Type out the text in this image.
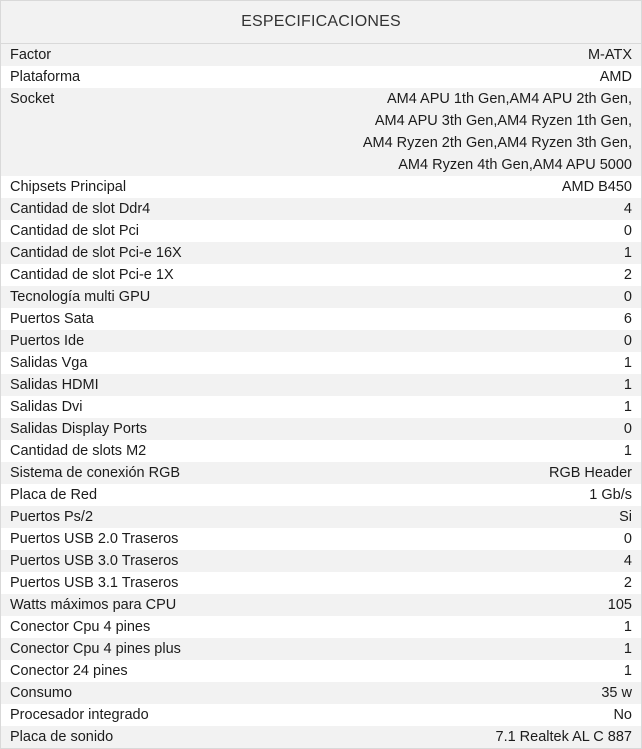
ESPECIFICACIONES
Factor	M-ATX
Plataforma	AMD
Socket	AM4 APU 1th Gen,AM4 APU 2th Gen,
AM4 APU 3th Gen,AM4 Ryzen 1th Gen,
AM4 Ryzen 2th Gen,AM4 Ryzen 3th Gen,
AM4 Ryzen 4th Gen,AM4 APU 5000

Chipsets Principal	AMD B450
Cantidad de slot Ddr4	4
Cantidad de slot Pci	0
Cantidad de slot Pci-e 16X	1
Cantidad de slot Pci-e 1X	2
Tecnología multi GPU	0
Puertos Sata	6
Puertos Ide	0
Salidas Vga	1
Salidas HDMI	1
Salidas Dvi	1
Salidas Display Ports	0
Cantidad de slots M2	1
Sistema de conexión RGB	RGB Header
Placa de Red	1 Gb/s
Puertos Ps/2	Si
Puertos USB 2.0 Traseros	0
Puertos USB 3.0 Traseros	4
Puertos USB 3.1 Traseros	2
Watts máximos para CPU	105
Conector Cpu 4 pines	1
Conector Cpu 4 pines plus	1
Conector 24 pines	1
Consumo	35 w
Procesador integrado	No
Placa de sonido	7.1 Realtek AL C 887
